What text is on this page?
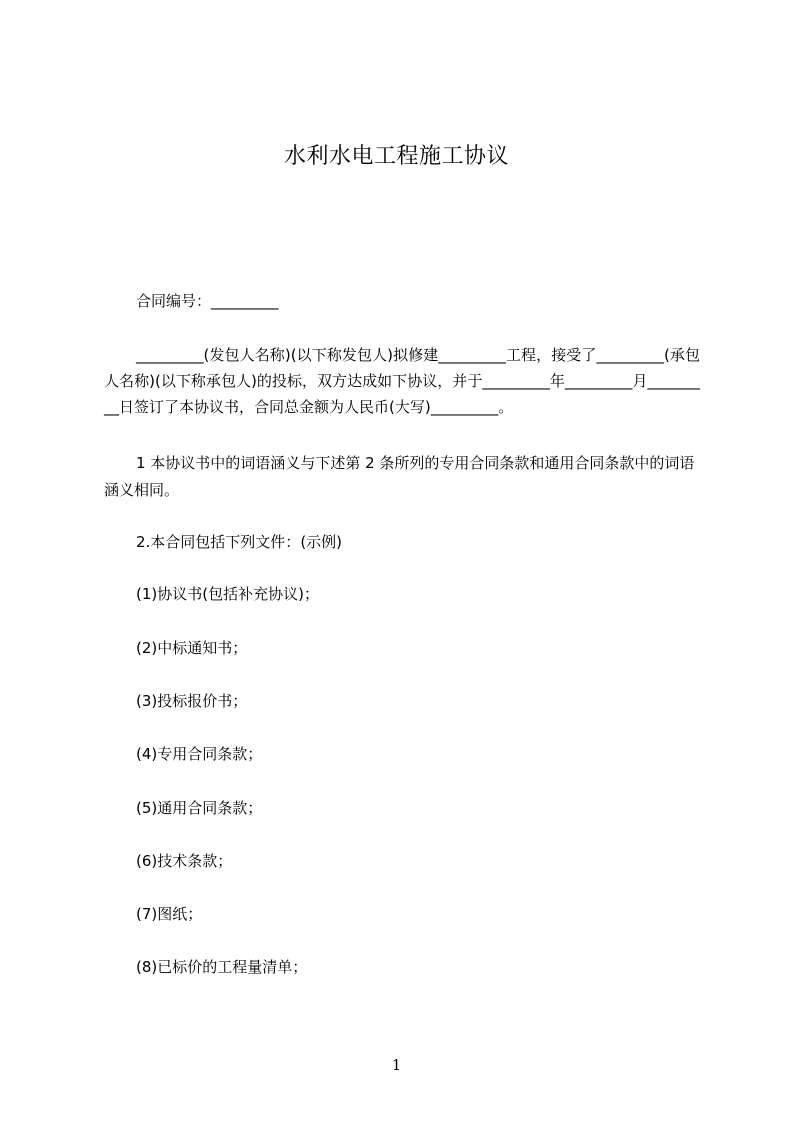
水利水电工程施工协议
合同编号：_________
_________(发包人名称)(以下称发包人)拟修建_________工程，接受了_________(承包人名称)(以下称承包人)的投标，双方达成如下协议，并于_________年_________月_________日签订了本协议书，合同总金额为人民币(大写)_________。
1 本协议书中的词语涵义与下述第 2 条所列的专用合同条款和通用合同条款中的词语涵义相同。
2.本合同包括下列文件：(示例)
(1)协议书(包括补充协议)；
(2)中标通知书；
(3)投标报价书；
(4)专用合同条款；
(5)通用合同条款；
(6)技术条款；
(7)图纸；
(8)已标价的工程量清单；
1
